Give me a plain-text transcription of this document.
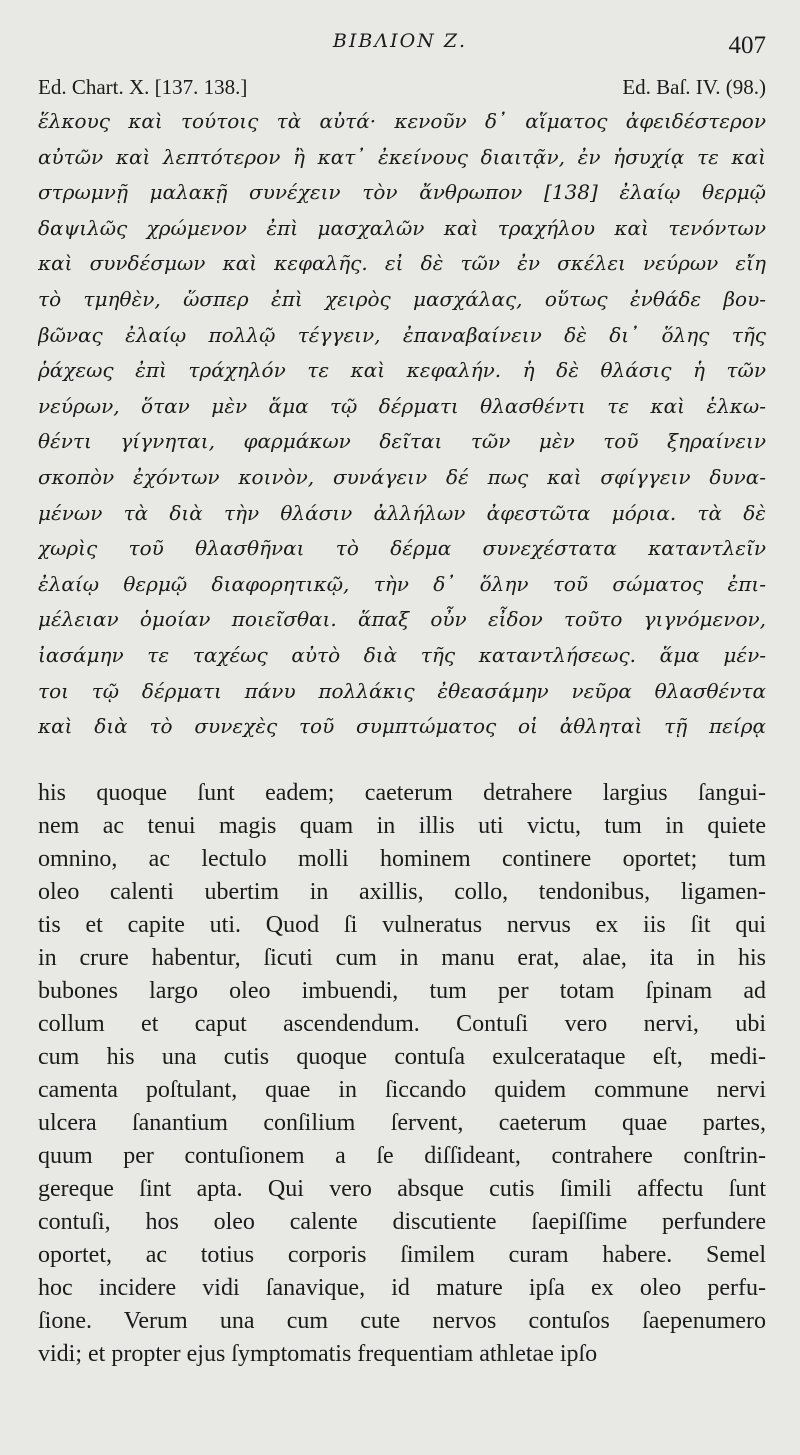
BIBΛΙΟΝ Ζ.	407
Ed. Chart. X. [137. 138.]	Ed. Baſ. IV. (98.)
ἕλκους καὶ τούτοις τὰ αὐτά· κενοῦν δ᾽ αἵματος ἀφειδέστερον
αὐτῶν καὶ λεπτότερον ἢ κατ᾽ ἐκείνους διαιτᾷν, ἐν ἡσυχίᾳ τε καὶ
στρωμνῇ μαλακῇ συνέχειν τὸν ἄνθρωπον [138] ἐλαίῳ θερμῷ
δαψιλῶς χρώμενον ἐπὶ μασχαλῶν καὶ τραχήλου καὶ τενόντων
καὶ συνδέσμων καὶ κεφαλῆς. εἰ δὲ τῶν ἐν σκέλει νεύρων εἴη
τὸ τμηθὲν, ὥσπερ ἐπὶ χειρὸς μασχάλας, οὕτως ἐνθάδε βου-
βῶνας ἐλαίῳ πολλῷ τέγγειν, ἐπαναβαίνειν δὲ δι᾽ ὅλης τῆς
ῥάχεως ἐπὶ τράχηλόν τε καὶ κεφαλήν. ἡ δὲ θλάσις ἡ τῶν
νεύρων, ὅταν μὲν ἅμα τῷ δέρματι θλασθέντι τε καὶ ἑλκω-
θέντι γίγνηται, φαρμάκων δεῖται τῶν μὲν τοῦ ξηραίνειν
σκοπὸν ἐχόντων κοινὸν, συνάγειν δέ πως καὶ σφίγγειν δυνα-
μένων τὰ διὰ τὴν θλάσιν ἀλλήλων ἀφεστῶτα μόρια. τὰ δὲ
χωρὶς τοῦ θλασθῆναι τὸ δέρμα συνεχέστατα καταντλεῖν
ἐλαίῳ θερμῷ διαφορητικῷ, τὴν δ᾽ ὅλην τοῦ σώματος ἐπι-
μέλειαν ὁμοίαν ποιεῖσθαι. ἅπαξ οὖν εἶδον τοῦτο γιγνόμενον,
ἰασάμην τε ταχέως αὐτὸ διὰ τῆς καταντλήσεως. ἅμα μέν-
τοι τῷ δέρματι πάνυ πολλάκις ἐθεασάμην νεῦρα θλασθέντα
καὶ διὰ τὸ συνεχὲς τοῦ συμπτώματος οἱ ἀθληταὶ τῇ πείρᾳ
his quoque ſunt eadem; caeterum detrahere largius ſangui-
nem ac tenui magis quam in illis uti victu, tum in quiete
omnino, ac lectulo molli hominem continere oportet; tum
oleo calenti ubertim in axillis, collo, tendonibus, ligamen-
tis et capite uti. Quod ſi vulneratus nervus ex iis ſit qui
in crure habentur, ſicuti cum in manu erat, alae, ita in his
bubones largo oleo imbuendi, tum per totam ſpinam ad
collum et caput ascendendum. Contuſi vero nervi, ubi
cum his una cutis quoque contuſa exulcerataque eſt, medi-
camenta poſtulant, quae in ſiccando quidem commune nervi
ulcera ſanantium conſilium ſervent, caeterum quae partes,
quum per contuſionem a ſe diſſideant, contrahere conſtrin-
gereque ſint apta. Qui vero absque cutis ſimili affectu ſunt
contuſi, hos oleo calente discutiente ſaepiſſime perfundere
oportet, ac totius corporis ſimilem curam habere. Semel
hoc incidere vidi ſanavique, id mature ipſa ex oleo perfu-
ſione. Verum una cum cute nervos contuſos ſaepenumero
vidi; et propter ejus ſymptomatis frequentiam athletae ipſo
